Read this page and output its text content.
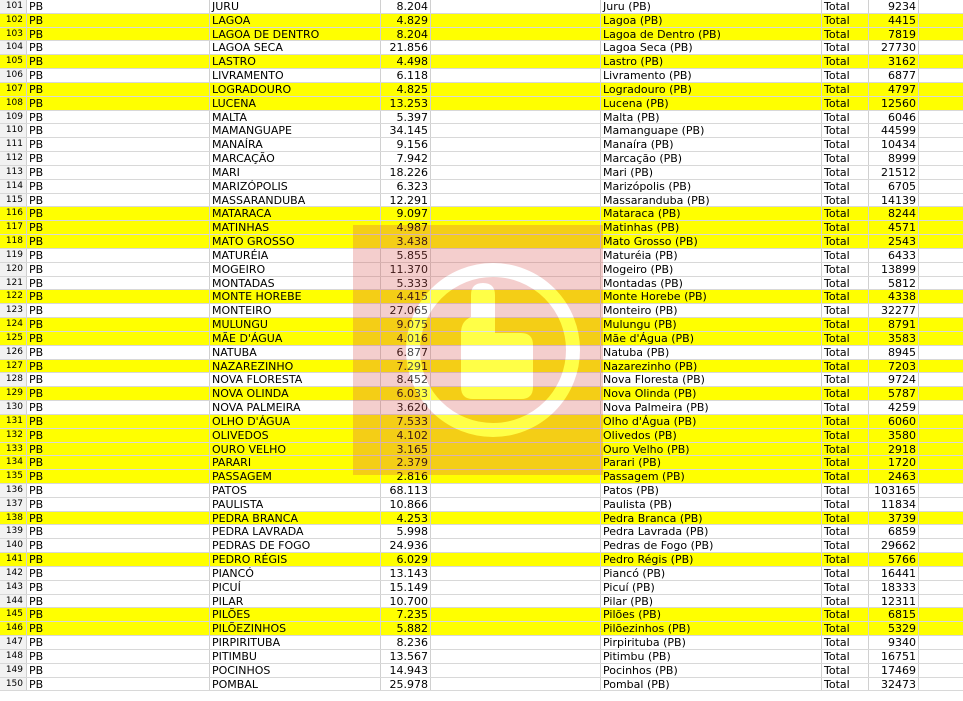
101 PB	JURU	8.204	Juru (PB)	Total	9234
102 PB	LAGOA	4.829	Lagoa (PB)	Total	4415
103 PB	LAGOA DE DENTRO	8.204	Lagoa de Dentro (PB)	Total	7819
104 PB	LAGOA SECA	21.856	Lagoa Seca (PB)	Total	27730
105 PB	LASTRO	4.498	Lastro (PB)	Total	3162
106 PB	LIVRAMENTO	6.118	Livramento (PB)	Total	6877
107 PB	LOGRADOURO	4.825	Logradouro (PB)	Total	4797
108 PB	LUCENA	13.253	Lucena (PB)	Total	12560
109 PB	MALTA	5.397	Malta (PB)	Total	6046
110 PB	MAMANGUAPE	34.145	Mamanguape (PB)	Total	44599
111 PB	MANAÍRA	9.156	Manaíra (PB)	Total	10434
112 PB	MARCAÇÃO	7.942	Marcação (PB)	Total	8999
113 PB	MARI	18.226	Mari (PB)	Total	21512
114 PB	MARIZÓPOLIS	6.323	Marizópolis (PB)	Total	6705
115 PB	MASSARANDUBA	12.291	Massaranduba (PB)	Total	14139
116 PB	MATARACA	9.097	Mataraca (PB)	Total	8244
117 PB	MATINHAS	4.987	Matinhas (PB)	Total	4571
118 PB	MATO GROSSO	3.438	Mato Grosso (PB)	Total	2543
119 PB	MATURÉIA	5.855	Maturéia (PB)	Total	6433
120 PB	MOGEIRO	11.370	Mogeiro (PB)	Total	13899
121 PB	MONTADAS	5.333	Montadas (PB)	Total	5812
122 PB	MONTE HOREBE	4.415	Monte Horebe (PB)	Total	4338
123 PB	MONTEIRO	27.065	Monteiro (PB)	Total	32277
124 PB	MULUNGU	9.075	Mulungu (PB)	Total	8791
125 PB	MÃE D'ÁGUA	4.016	Mãe d'Água (PB)	Total	3583
126 PB	NATUBA	6.877	Natuba (PB)	Total	8945
127 PB	NAZAREZINHO	7.291	Nazarezinho (PB)	Total	7203
128 PB	NOVA FLORESTA	8.452	Nova Floresta (PB)	Total	9724
129 PB	NOVA OLINDA	6.033	Nova Olinda (PB)	Total	5787
130 PB	NOVA PALMEIRA	3.620	Nova Palmeira (PB)	Total	4259
131 PB	OLHO D'ÁGUA	7.533	Olho d'Água (PB)	Total	6060
132 PB	OLIVEDOS	4.102	Olivedos (PB)	Total	3580
133 PB	OURO VELHO	3.165	Ouro Velho (PB)	Total	2918
134 PB	PARARI	2.379	Parari (PB)	Total	1720
135 PB	PASSAGEM	2.816	Passagem (PB)	Total	2463
136 PB	PATOS	68.113	Patos (PB)	Total	103165
137 PB	PAULISTA	10.866	Paulista (PB)	Total	11834
138 PB	PEDRA BRANCA	4.253	Pedra Branca (PB)	Total	3739
139 PB	PEDRA LAVRADA	5.998	Pedra Lavrada (PB)	Total	6859
140 PB	PEDRAS DE FOGO	24.936	Pedras de Fogo (PB)	Total	29662
141 PB	PEDRO RÉGIS	6.029	Pedro Régis (PB)	Total	5766
142 PB	PIANCÓ	13.143	Piancó (PB)	Total	16441
143 PB	PICUÍ	15.149	Picuí (PB)	Total	18333
144 PB	PILAR	10.700	Pilar (PB)	Total	12311
145 PB	PILÕES	7.235	Pilões (PB)	Total	6815
146 PB	PILÕEZINHOS	5.882	Pilõezinhos (PB)	Total	5329
147 PB	PIRPIRITUBA	8.236	Pirpirituba (PB)	Total	9340
148 PB	PITIMBU	13.567	Pitimbu (PB)	Total	16751
149 PB	POCINHOS	14.943	Pocinhos (PB)	Total	17469
150 PB	POMBAL	25.978	Pombal (PB)	Total	32473
